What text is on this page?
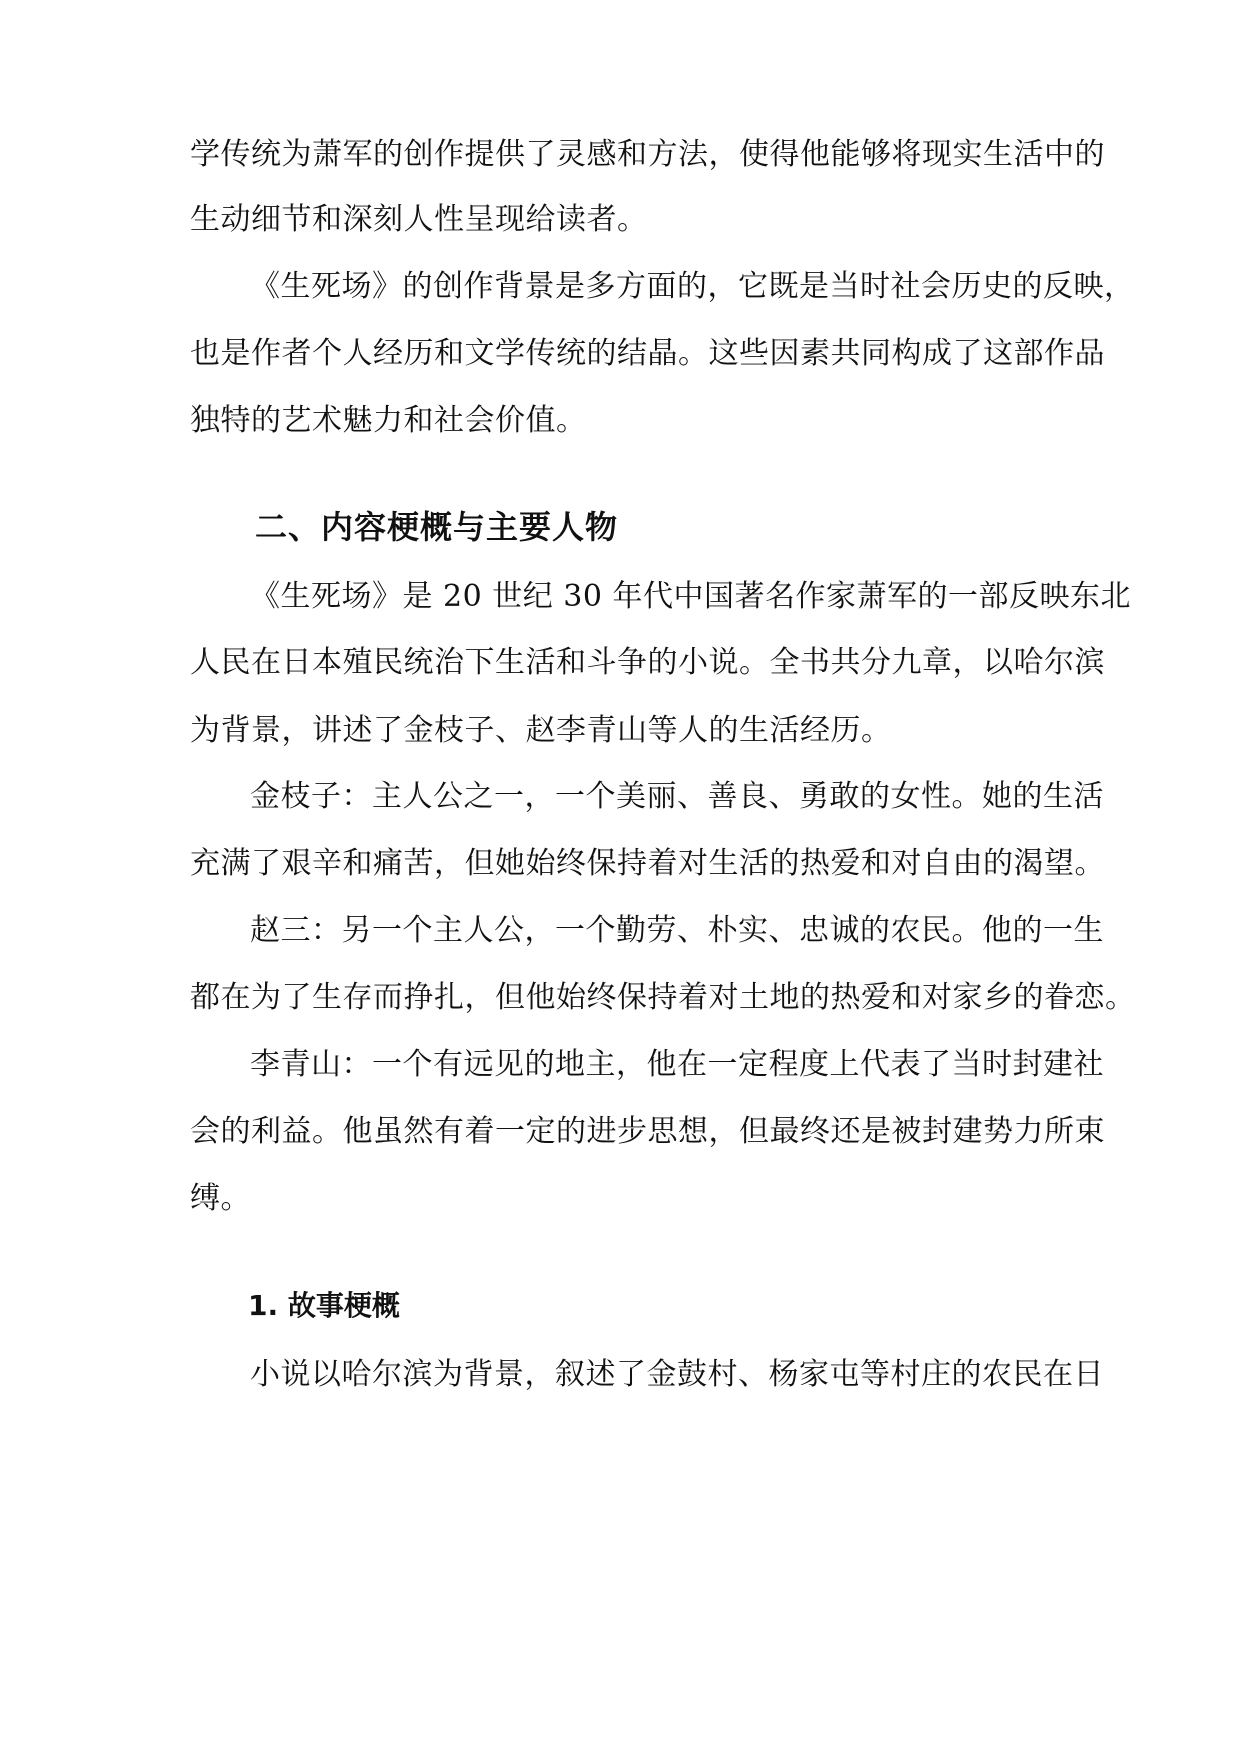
学传统为萧军的创作提供了灵感和方法，使得他能够将现实生活中的
生动细节和深刻人性呈现给读者。
《生死场》的创作背景是多方面的，它既是当时社会历史的反映，
也是作者个人经历和文学传统的结晶。这些因素共同构成了这部作品
独特的艺术魅力和社会价值。
二、内容梗概与主要人物
《生死场》是 20 世纪 30 年代中国著名作家萧军的一部反映东北
人民在日本殖民统治下生活和斗争的小说。全书共分九章，以哈尔滨
为背景，讲述了金枝子、赵李青山等人的生活经历。
金枝子：主人公之一，一个美丽、善良、勇敢的女性。她的生活
充满了艰辛和痛苦，但她始终保持着对生活的热爱和对自由的渴望。
赵三：另一个主人公，一个勤劳、朴实、忠诚的农民。他的一生
都在为了生存而挣扎，但他始终保持着对土地的热爱和对家乡的眷恋。
李青山：一个有远见的地主，他在一定程度上代表了当时封建社
会的利益。他虽然有着一定的进步思想，但最终还是被封建势力所束
缚。
1. 故事梗概
小说以哈尔滨为背景，叙述了金鼓村、杨家屯等村庄的农民在日
